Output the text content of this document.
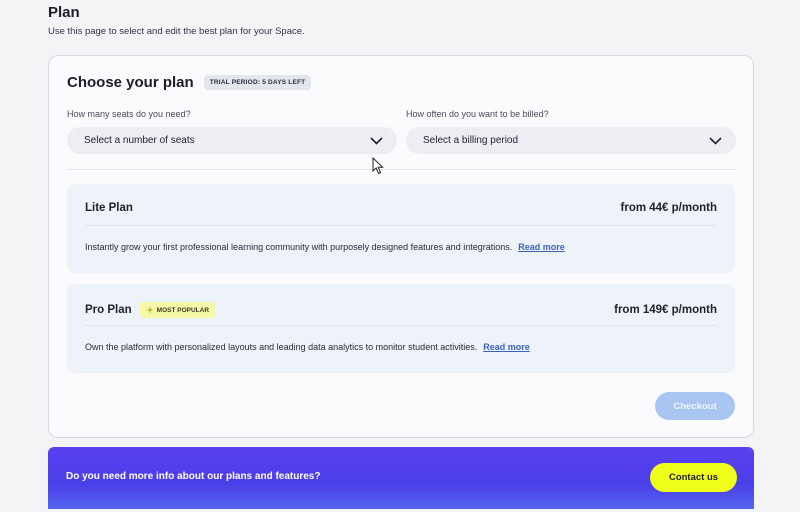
Plan
Use this page to select and edit the best plan for your Space.
Choose your plan	TRIAL PERIOD: 5 DAYS LEFT
How many seats do you need?
Select a number of seats
How often do you want to be billed?
Select a billing period
Lite Plan	from 44€ p/month
Instantly grow your first professional learning community with purposely designed features and integrations. Read more
Pro Plan	MOST POPULAR	from 149€ p/month
Own the platform with personalized layouts and leading data analytics to monitor student activities. Read more
Checkout
Do you need more info about our plans and features?	Contact us
